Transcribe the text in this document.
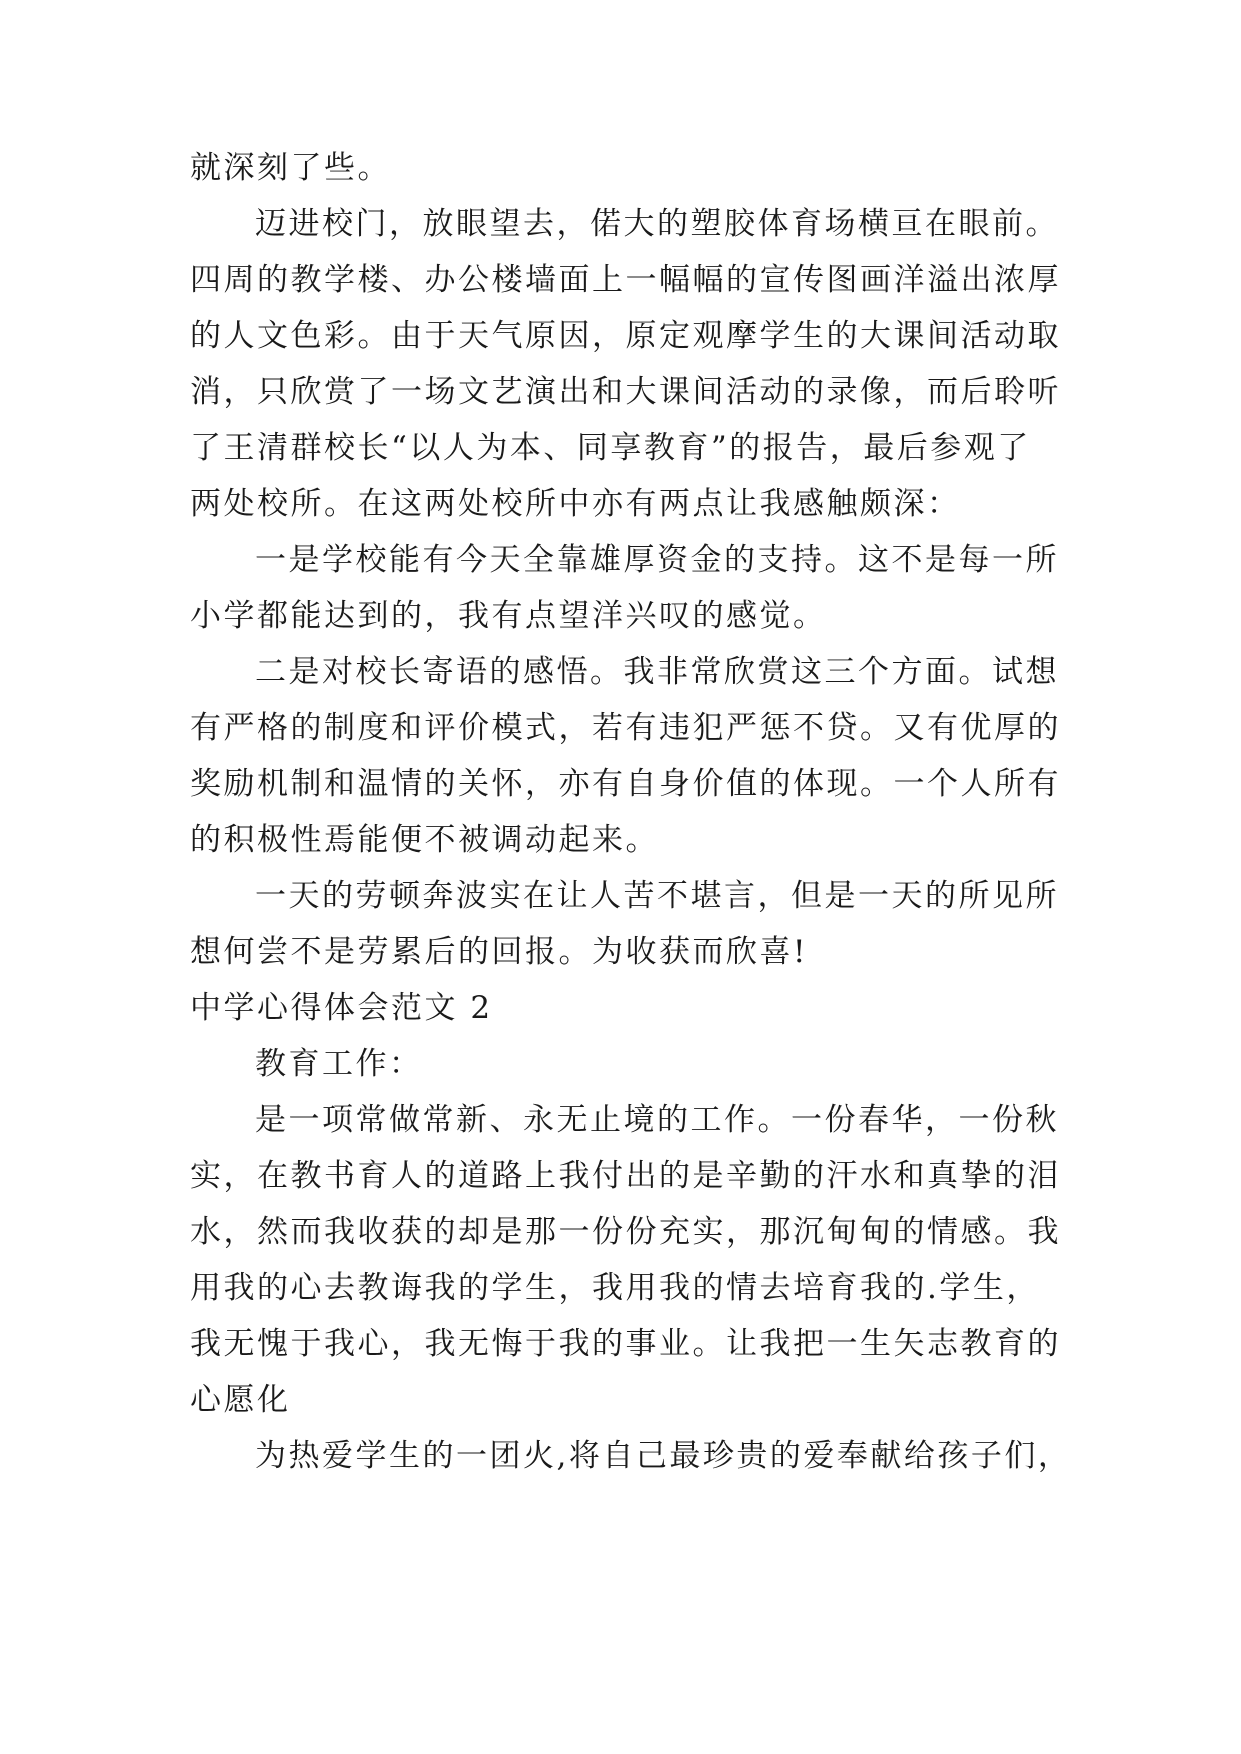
就深刻了些。
迈进校门，放眼望去，偌大的塑胶体育场横亘在眼前。
四周的教学楼、办公楼墙面上一幅幅的宣传图画洋溢出浓厚
的人文色彩。由于天气原因，原定观摩学生的大课间活动取
消，只欣赏了一场文艺演出和大课间活动的录像，而后聆听
了王清群校长“以人为本、同享教育”的报告，最后参观了
两处校所。在这两处校所中亦有两点让我感触颇深：
一是学校能有今天全靠雄厚资金的支持。这不是每一所
小学都能达到的，我有点望洋兴叹的感觉。
二是对校长寄语的感悟。我非常欣赏这三个方面。试想
有严格的制度和评价模式，若有违犯严惩不贷。又有优厚的
奖励机制和温情的关怀，亦有自身价值的体现。一个人所有
的积极性焉能便不被调动起来。
一天的劳顿奔波实在让人苦不堪言，但是一天的所见所
想何尝不是劳累后的回报。为收获而欣喜!
中学心得体会范文 2
教育工作：
是一项常做常新、永无止境的工作。一份春华，一份秋
实，在教书育人的道路上我付出的是辛勤的汗水和真挚的泪
水，然而我收获的却是那一份份充实，那沉甸甸的情感。我
用我的心去教诲我的学生，我用我的情去培育我的.学生，
我无愧于我心，我无悔于我的事业。让我把一生矢志教育的
心愿化
为热爱学生的一团火,将自己最珍贵的爱奉献给孩子们，
